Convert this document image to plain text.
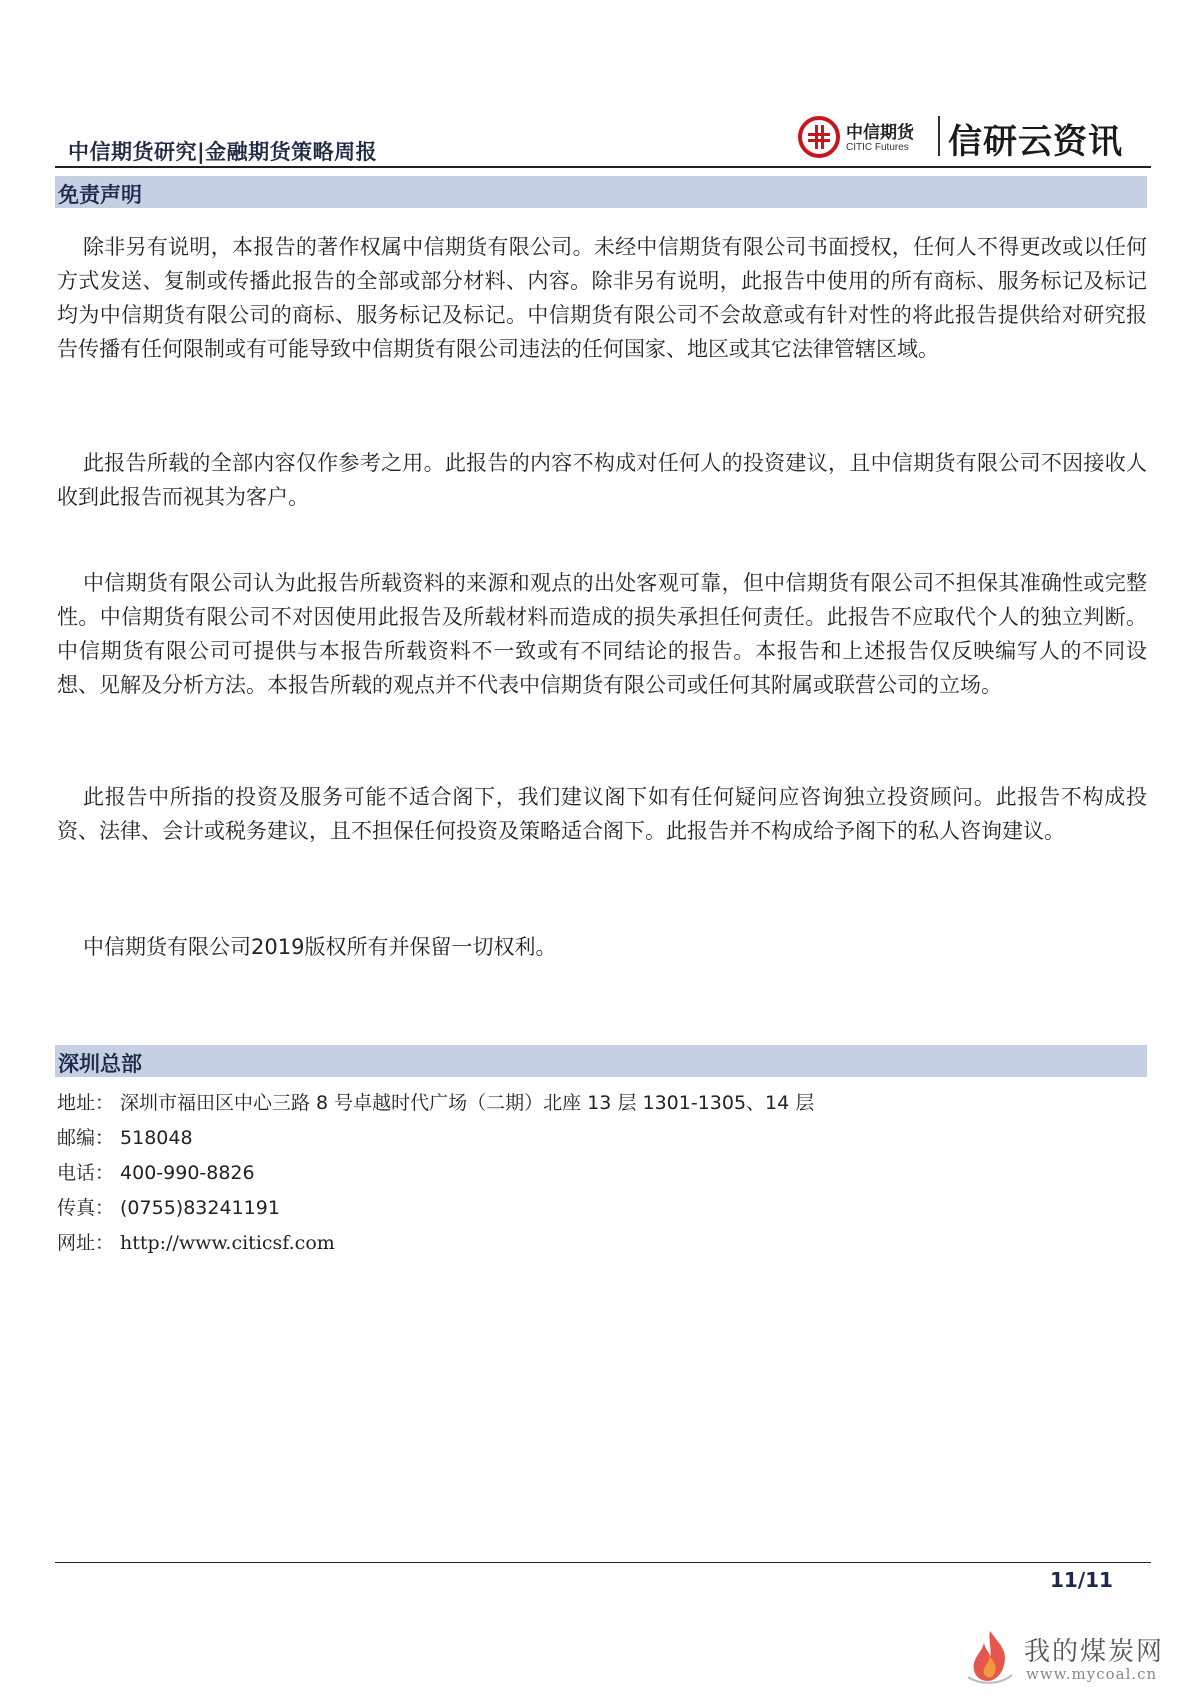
中信期货研究|金融期货策略周报
中信期货
CITIC Futures 信研云资讯
免责声明

除非另有说明，本报告的著作权属中信期货有限公司。未经中信期货有限公司书面授权，任何人不得更改或以任何方式发送、复制或传播此报告的全部或部分材料、内容。除非另有说明，此报告中使用的所有商标、服务标记及标记均为中信期货有限公司的商标、服务标记及标记。中信期货有限公司不会故意或有针对性的将此报告提供给对研究报告传播有任何限制或有可能导致中信期货有限公司违法的任何国家、地区或其它法律管辖区域。

此报告所载的全部内容仅作参考之用。此报告的内容不构成对任何人的投资建议，且中信期货有限公司不因接收人收到此报告而视其为客户。

中信期货有限公司认为此报告所载资料的来源和观点的出处客观可靠，但中信期货有限公司不担保其准确性或完整性。中信期货有限公司不对因使用此报告及所载材料而造成的损失承担任何责任。此报告不应取代个人的独立判断。中信期货有限公司可提供与本报告所载资料不一致或有不同结论的报告。本报告和上述报告仅反映编写人的不同设想、见解及分析方法。本报告所载的观点并不代表中信期货有限公司或任何其附属或联营公司的立场。

此报告中所指的投资及服务可能不适合阁下，我们建议阁下如有任何疑问应咨询独立投资顾问。此报告不构成投资、法律、会计或税务建议，且不担保任何投资及策略适合阁下。此报告并不构成给予阁下的私人咨询建议。

中信期货有限公司2019版权所有并保留一切权利。

深圳总部
地址： 深圳市福田区中心三路 8 号卓越时代广场（二期）北座 13 层 1301-1305、14 层
邮编： 518048
电话： 400-990-8826
传真： (0755)83241191
网址： http://www.citicsf.com
11/11
我的煤炭网
www.mycoal.cn
